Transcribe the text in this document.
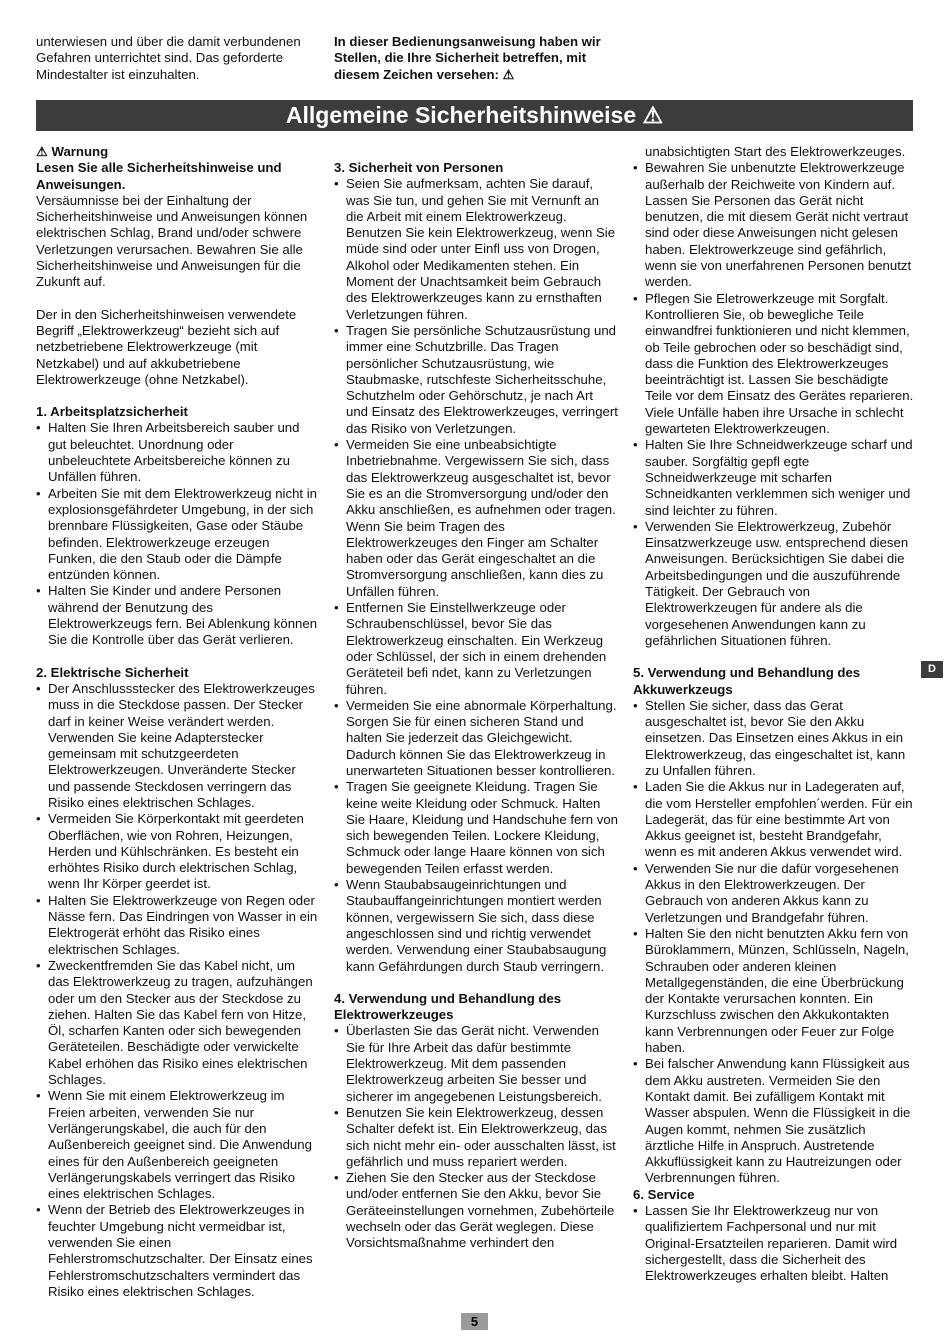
unterwiesen und über die damit verbundenen Gefahren unterrichtet sind. Das geforderte Mindestalter ist einzuhalten.
In dieser Bedienungsanweisung haben wir Stellen, die Ihre Sicherheit betreffen, mit diesem Zeichen versehen: ⚠
Allgemeine Sicherheitshinweise ⚠

⚠ Warnung

Lesen Sie alle Sicherheitshinweise und Anweisungen.

Versäumnisse bei der Einhaltung der Sicherheitshinweise und Anweisungen können elektrischen Schlag, Brand und/oder schwere Verletzungen verursachen. Bewahren Sie alle Sicherheitshinweise und Anweisungen für die Zukunft auf.

Der in den Sicherheitshinweisen verwendete Begriff „Elektrowerkzeug“ bezieht sich auf netzbetriebene Elektrowerkzeuge (mit Netzkabel) und auf akkubetriebene Elektrowerkzeuge (ohne Netzkabel).

1. Arbeitsplatzsicherheit

• Halten Sie Ihren Arbeitsbereich sauber und gut beleuchtet. Unordnung oder unbeleuchtete Arbeitsbereiche können zu Unfällen führen.
• Arbeiten Sie mit dem Elektrowerkzeug nicht in explosionsgefährdeter Umgebung, in der sich brennbare Flüssigkeiten, Gase oder Stäube befinden. Elektrowerkzeuge erzeugen Funken, die den Staub oder die Dämpfe entzünden können.
• Halten Sie Kinder und andere Personen während der Benutzung des Elektrowerkzeugs fern. Bei Ablenkung können Sie die Kontrolle über das Gerät verlieren.

2. Elektrische Sicherheit

• Der Anschlussstecker des Elektrowerkzeuges muss in die Steckdose passen. Der Stecker darf in keiner Weise verändert werden. Verwenden Sie keine Adapterstecker gemeinsam mit schutzgeerdeten Elektrowerkzeugen. Unveränderte Stecker und passende Steckdosen verringern das Risiko eines elektrischen Schlages.
• Vermeiden Sie Körperkontakt mit geerdeten Oberflächen, wie von Rohren, Heizungen, Herden und Kühlschränken. Es besteht ein erhöhtes Risiko durch elektrischen Schlag, wenn Ihr Körper geerdet ist.
• Halten Sie Elektrowerkzeuge von Regen oder Nässe fern. Das Eindringen von Wasser in ein Elektrogerät erhöht das Risiko eines elektrischen Schlages.
• Zweckentfremden Sie das Kabel nicht, um das Elektrowerkzeug zu tragen, aufzuhängen oder um den Stecker aus der Steckdose zu ziehen. Halten Sie das Kabel fern von Hitze, Öl, scharfen Kanten oder sich bewegenden Geräteteilen. Beschädigte oder verwickelte Kabel erhöhen das Risiko eines elektrischen Schlages.
• Wenn Sie mit einem Elektrowerkzeug im Freien arbeiten, verwenden Sie nur Verlängerungskabel, die auch für den Außenbereich geeignet sind. Die Anwendung eines für den Außenbereich geeigneten Verlängerungskabels verringert das Risiko eines elektrischen Schlages.
• Wenn der Betrieb des Elektrowerkzeuges in feuchter Umgebung nicht vermeidbar ist, verwenden Sie einen Fehlerstromschutzschalter. Der Einsatz eines Fehlerstromschutzschalters vermindert das Risiko eines elektrischen Schlages.

3. Sicherheit von Personen

• Seien Sie aufmerksam, achten Sie darauf, was Sie tun, und gehen Sie mit Vernunft an die Arbeit mit einem Elektrowerkzeug. Benutzen Sie kein Elektrowerkzeug, wenn Sie müde sind oder unter Einfl uss von Drogen, Alkohol oder Medikamenten stehen. Ein Moment der Unachtsamkeit beim Gebrauch des Elektrowerkzeuges kann zu ernsthaften Verletzungen führen.
• Tragen Sie persönliche Schutzausrüstung und immer eine Schutzbrille. Das Tragen persönlicher Schutzausrüstung, wie Staubmaske, rutschfeste Sicherheitsschuhe, Schutzhelm oder Gehörschutz, je nach Art und Einsatz des Elektrowerkzeuges, verringert das Risiko von Verletzungen.
• Vermeiden Sie eine unbeabsichtigte Inbetriebnahme. Vergewissern Sie sich, dass das Elektrowerkzeug ausgeschaltet ist, bevor Sie es an die Stromversorgung und/oder den Akku anschließen, es aufnehmen oder tragen. Wenn Sie beim Tragen des Elektrowerkzeuges den Finger am Schalter haben oder das Gerät eingeschaltet an die Stromversorgung anschließen, kann dies zu Unfällen führen.
• Entfernen Sie Einstellwerkzeuge oder Schraubenschlüssel, bevor Sie das Elektrowerkzeug einschalten. Ein Werkzeug oder Schlüssel, der sich in einem drehenden Geräteteil befi ndet, kann zu Verletzungen führen.
• Vermeiden Sie eine abnormale Körperhaltung. Sorgen Sie für einen sicheren Stand und halten Sie jederzeit das Gleichgewicht. Dadurch können Sie das Elektrowerkzeug in unerwarteten Situationen besser kontrollieren.
• Tragen Sie geeignete Kleidung. Tragen Sie keine weite Kleidung oder Schmuck. Halten Sie Haare, Kleidung und Handschuhe fern von sich bewegenden Teilen. Lockere Kleidung, Schmuck oder lange Haare können von sich bewegenden Teilen erfasst werden.
• Wenn Staubabsaugeinrichtungen und Staubauffangeinrichtungen montiert werden können, vergewissern Sie sich, dass diese angeschlossen sind und richtig verwendet werden. Verwendung einer Staubabsaugung kann Gefährdungen durch Staub verringern.

4. Verwendung und Behandlung des Elektrowerkzeuges

• Überlasten Sie das Gerät nicht. Verwenden Sie für Ihre Arbeit das dafür bestimmte Elektrowerkzeug. Mit dem passenden Elektrowerkzeug arbeiten Sie besser und sicherer im angegebenen Leistungsbereich.
• Benutzen Sie kein Elektrowerkzeug, dessen Schalter defekt ist. Ein Elektrowerkzeug, das sich nicht mehr ein- oder ausschalten lässt, ist gefährlich und muss repariert werden.
• Ziehen Sie den Stecker aus der Steckdose und/oder entfernen Sie den Akku, bevor Sie Geräteeinstellungen vornehmen, Zubehörteile wechseln oder das Gerät weglegen. Diese Vorsichtsmaßnahme verhindert den

unabsichtigten Start des Elektrowerkzeuges.

• Bewahren Sie unbenutzte Elektrowerkzeuge außerhalb der Reichweite von Kindern auf. Lassen Sie Personen das Gerät nicht benutzen, die mit diesem Gerät nicht vertraut sind oder diese Anweisungen nicht gelesen haben. Elektrowerkzeuge sind gefährlich, wenn sie von unerfahrenen Personen benutzt werden.
• Pflegen Sie Eletrowerkzeuge mit Sorgfalt. Kontrollieren Sie, ob bewegliche Teile einwandfrei funktionieren und nicht klemmen, ob Teile gebrochen oder so beschädigt sind, dass die Funktion des Elektrowerkzeuges beeinträchtigt ist. Lassen Sie beschädigte Teile vor dem Einsatz des Gerätes reparieren. Viele Unfälle haben ihre Ursache in schlecht gewarteten Elektrowerkzeugen.
• Halten Sie Ihre Schneidwerkzeuge scharf und sauber. Sorgfältig gepfl egte Schneidwerkzeuge mit scharfen Schneidkanten verklemmen sich weniger und sind leichter zu führen.
• Verwenden Sie Elektrowerkzeug, Zubehör Einsatzwerkzeuge usw. entsprechend diesen Anweisungen. Berücksichtigen Sie dabei die Arbeitsbedingungen und die auszuführende Tätigkeit. Der Gebrauch von Elektrowerkzeugen für andere als die vorgesehenen Anwendungen kann zu gefährlichen Situationen führen.

5. Verwendung und Behandlung des Akkuwerkzeugs

• Stellen Sie sicher, dass das Gerat ausgeschaltet ist, bevor Sie den Akku einsetzen. Das Einsetzen eines Akkus in ein Elektrowerkzeug, das eingeschaltet ist, kann zu Unfallen führen.
• Laden Sie die Akkus nur in Ladegeraten auf, die vom Hersteller empfohlen´werden. Für ein Ladegerät, das für eine bestimmte Art von Akkus geeignet ist, besteht Brandgefahr, wenn es mit anderen Akkus verwendet wird.
• Verwenden Sie nur die dafür vorgesehenen Akkus in den Elektrowerkzeugen. Der Gebrauch von anderen Akkus kann zu Verletzungen und Brandgefahr führen.
• Halten Sie den nicht benutzten Akku fern von Büroklammern, Münzen, Schlüsseln, Nageln, Schrauben oder anderen kleinen Metallgegenständen, die eine Überbrückung der Kontakte verursachen konnten. Ein Kurzschluss zwischen den Akkukontakten kann Verbrennungen oder Feuer zur Folge haben.
• Bei falscher Anwendung kann Flüssigkeit aus dem Akku austreten. Vermeiden Sie den Kontakt damit. Bei zufälligem Kontakt mit Wasser abspulen. Wenn die Flüssigkeit in die Augen kommt, nehmen Sie zusätzlich ärztliche Hilfe in Anspruch. Austretende Akkuflüssigkeit kann zu Hautreizungen oder Verbrennungen führen.

6. Service

• Lassen Sie Ihr Elektrowerkzeug nur von qualifiziertem Fachpersonal und nur mit Original-Ersatzteilen reparieren. Damit wird sichergestellt, dass die Sicherheit des Elektrowerkzeuges erhalten bleibt. Halten
D
5
